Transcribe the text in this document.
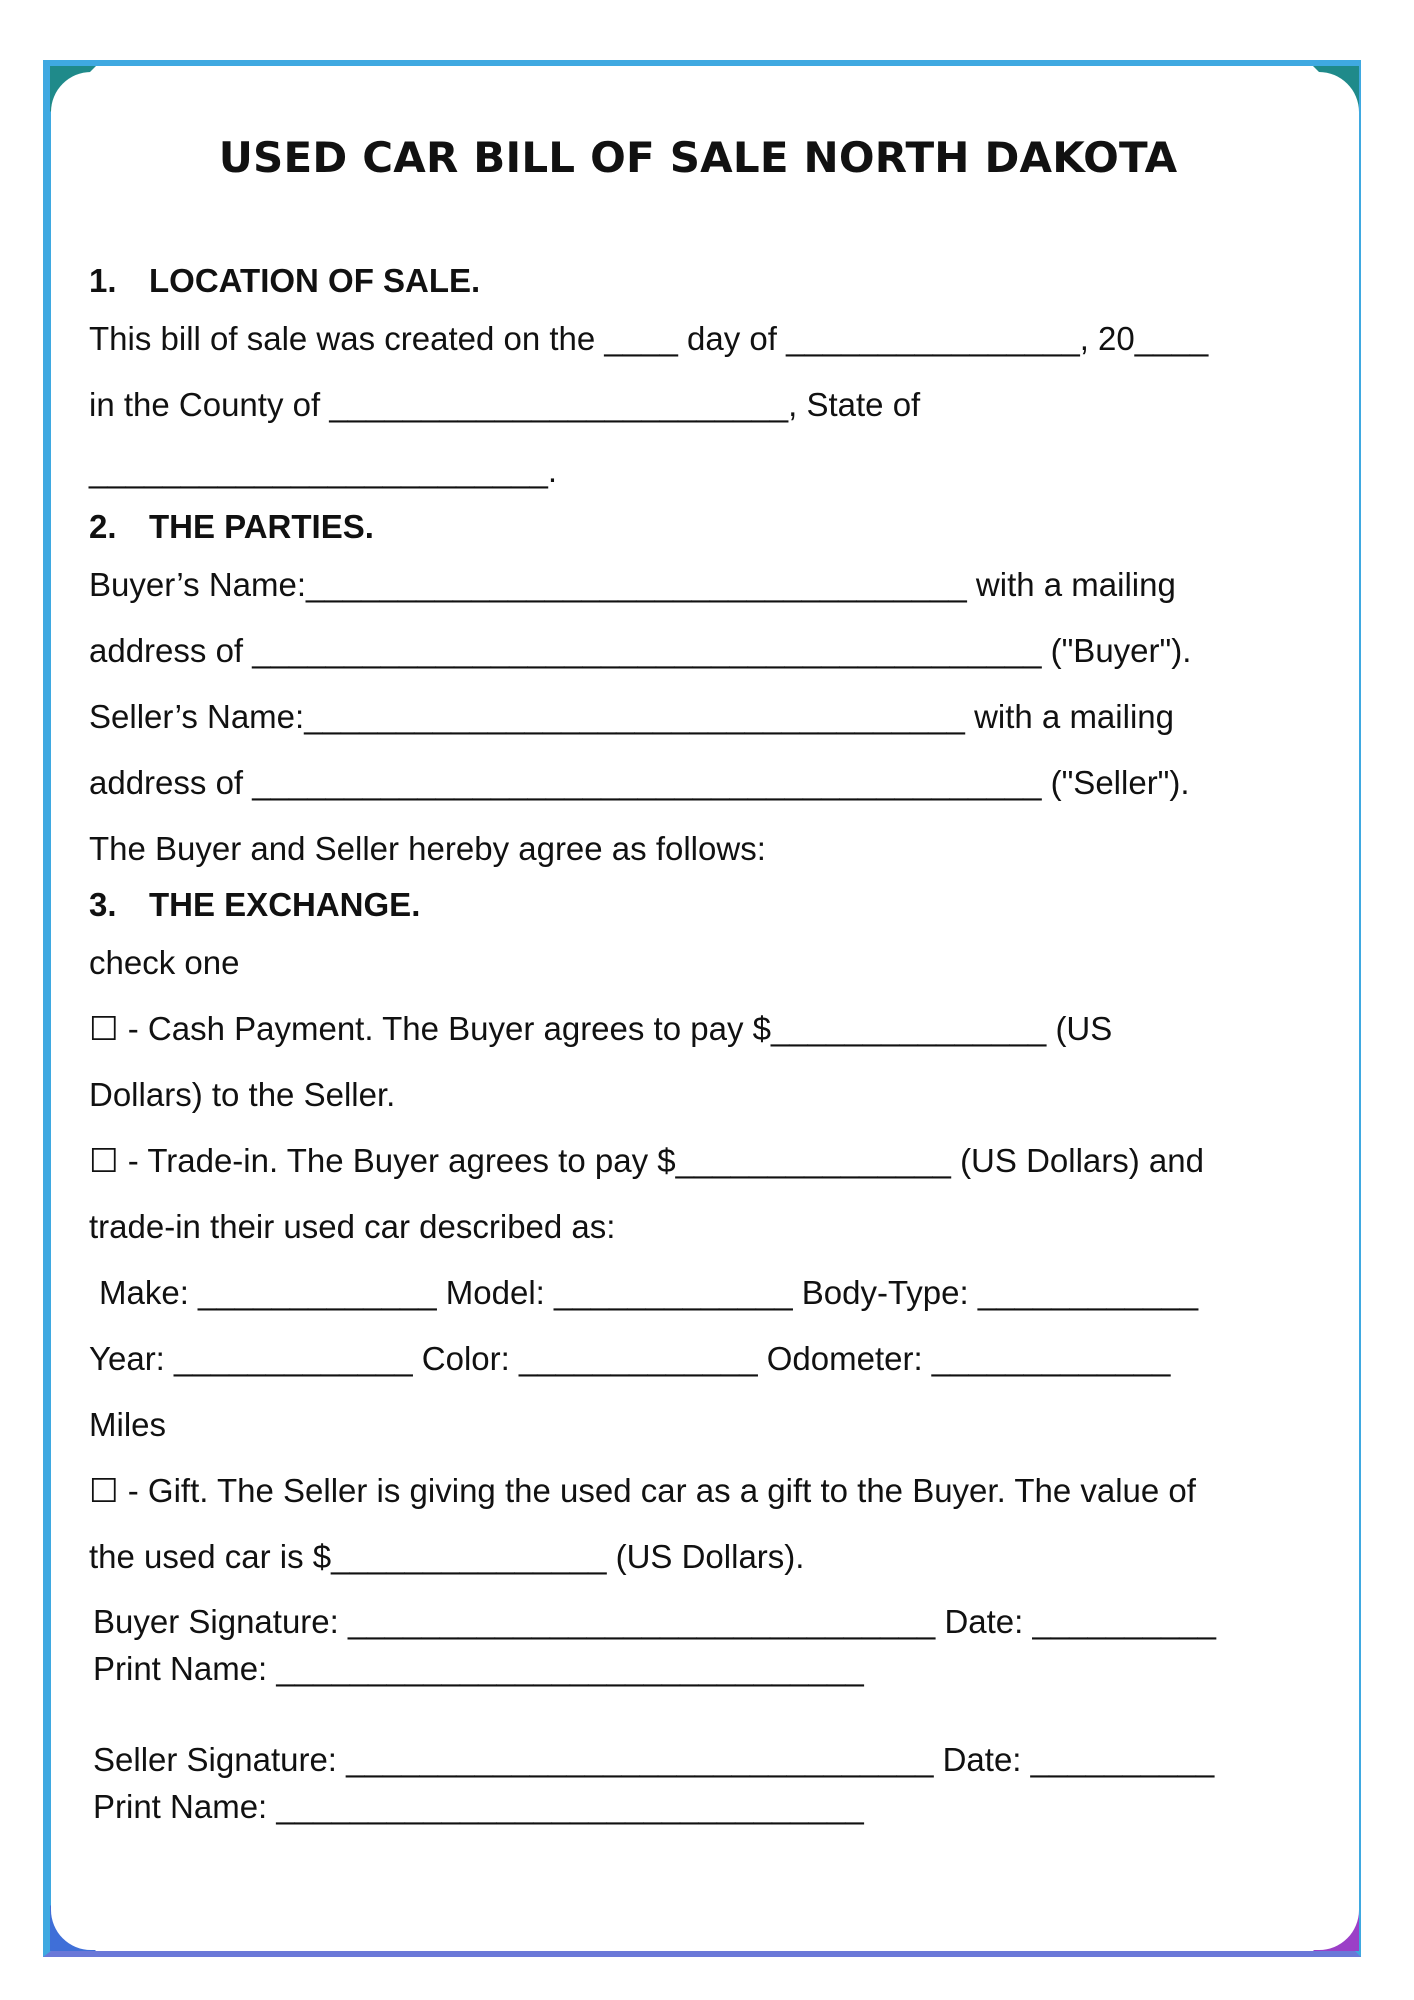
USED CAR BILL OF SALE NORTH DAKOTA

1. LOCATION OF SALE.

This bill of sale was created on the ____ day of ________________, 20____

in the County of _________________________, State of

_________________________.

2. THE PARTIES.

Buyer’s Name:____________________________________ with a mailing

address of ___________________________________________ ("Buyer").

Seller’s Name:____________________________________ with a mailing

address of ___________________________________________ ("Seller").

The Buyer and Seller hereby agree as follows:

3. THE EXCHANGE.

check one

☐ - Cash Payment. The Buyer agrees to pay $_______________ (US

Dollars) to the Seller.

☐ - Trade-in. The Buyer agrees to pay $_______________ (US Dollars) and

trade-in their used car described as:

Make: _____________ Model: _____________ Body-Type: ____________

Year: _____________ Color: _____________ Odometer: _____________

Miles

☐ - Gift. The Seller is giving the used car as a gift to the Buyer. The value of

the used car is $_______________ (US Dollars).

Buyer Signature: ________________________________ Date: __________

Print Name: ________________________________

Seller Signature: ________________________________ Date: __________

Print Name: ________________________________
